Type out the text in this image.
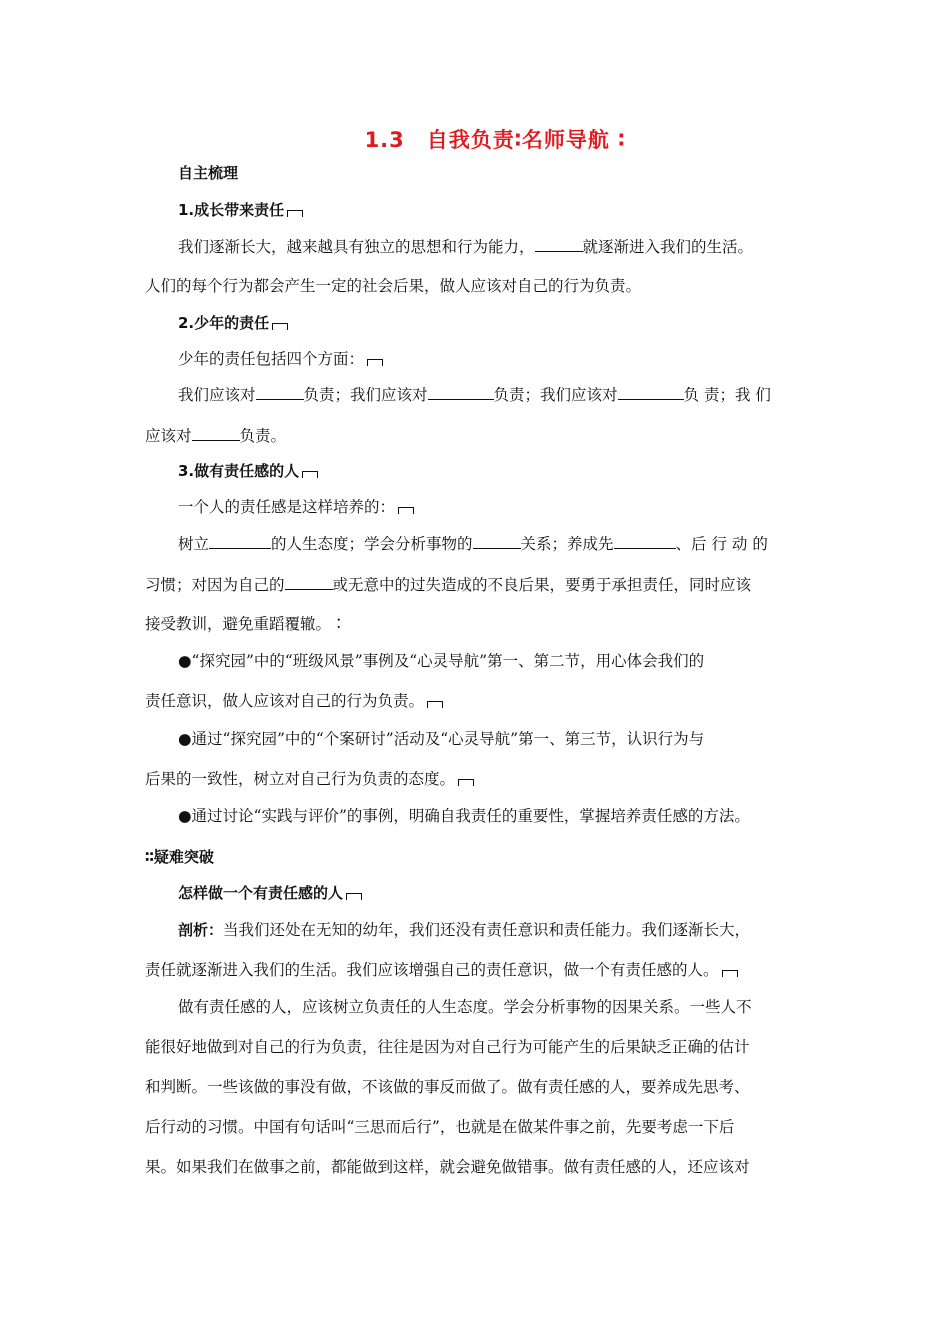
1.3　自我负责∶名师导航 ∶
自主梳理
1.成长带来责任
我们逐渐长大，越来越具有独立的思想和行为能力，	就逐渐进入我们的生活。
人们的每个行为都会产生一定的社会后果，做人应该对自己的行为负责。
2.少年的责任
少年的责任包括四个方面：
我们应该对	负责；我们应该对	负责；我们应该对	负 责；我 们
应该对	负责。
3.做有责任感的人
一个人的责任感是这样培养的：
树立	的人生态度；学会分析事物的	关系；养成先	、后 行 动 的
习惯；对因为自己的	或无意中的过失造成的不良后果，要勇于承担责任，同时应该
接受教训，避免重蹈覆辙。∶
●“探究园”中的“班级风景”事例及“心灵导航”第一、第二节，用心体会我们的
责任意识，做人应该对自己的行为负责。
●通过“探究园”中的“个案研讨”活动及“心灵导航”第一、第三节，认识行为与
后果的一致性，树立对自己行为负责的态度。
●通过讨论“实践与评价”的事例，明确自我责任的重要性，掌握培养责任感的方法。
∶∶疑难突破
怎样做一个有责任感的人
剖析：当我们还处在无知的幼年，我们还没有责任意识和责任能力。我们逐渐长大，
责任就逐渐进入我们的生活。我们应该增强自己的责任意识，做一个有责任感的人。
做有责任感的人，应该树立负责任的人生态度。学会分析事物的因果关系。一些人不
能很好地做到对自己的行为负责，往往是因为对自己行为可能产生的后果缺乏正确的估计
和判断。一些该做的事没有做，不该做的事反而做了。做有责任感的人，要养成先思考、
后行动的习惯。中国有句话叫“三思而后行”，也就是在做某件事之前，先要考虑一下后
果。如果我们在做事之前，都能做到这样，就会避免做错事。做有责任感的人，还应该对
